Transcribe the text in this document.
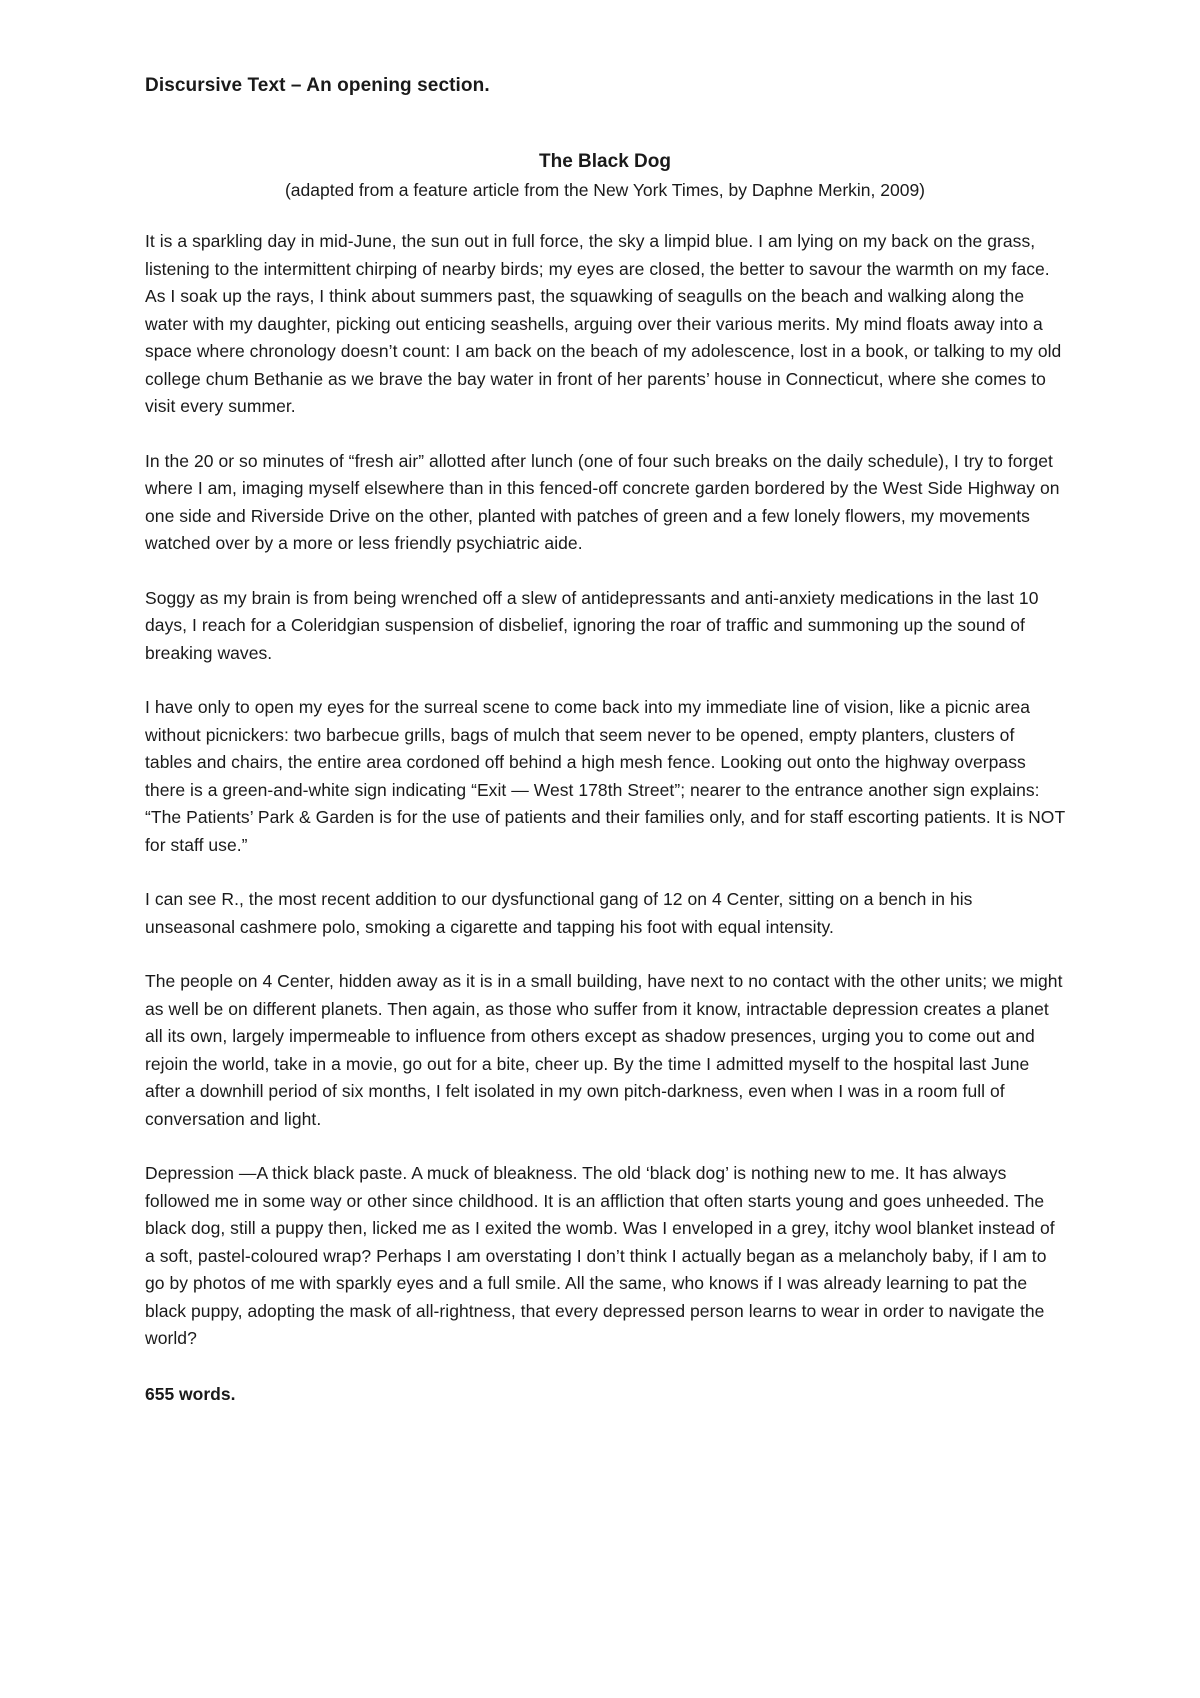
Discursive Text – An opening section.

The Black Dog

(adapted from a feature article from the New York Times, by Daphne Merkin, 2009)

It is a sparkling day in mid-June, the sun out in full force, the sky a limpid blue. I am lying on my back on the grass, listening to the intermittent chirping of nearby birds; my eyes are closed, the better to savour the warmth on my face. As I soak up the rays, I think about summers past, the squawking of seagulls on the beach and walking along the water with my daughter, picking out enticing seashells, arguing over their various merits. My mind floats away into a space where chronology doesn’t count: I am back on the beach of my adolescence, lost in a book, or talking to my old college chum Bethanie as we brave the bay water in front of her parents’ house in Connecticut, where she comes to visit every summer.

In the 20 or so minutes of “fresh air” allotted after lunch (one of four such breaks on the daily schedule), I try to forget where I am, imaging myself elsewhere than in this fenced-off concrete garden bordered by the West Side Highway on one side and Riverside Drive on the other, planted with patches of green and a few lonely flowers, my movements watched over by a more or less friendly psychiatric aide.

Soggy as my brain is from being wrenched off a slew of antidepressants and anti-anxiety medications in the last 10 days, I reach for a Coleridgian suspension of disbelief, ignoring the roar of traffic and summoning up the sound of breaking waves.

I have only to open my eyes for the surreal scene to come back into my immediate line of vision, like a picnic area without picnickers: two barbecue grills, bags of mulch that seem never to be opened, empty planters, clusters of tables and chairs, the entire area cordoned off behind a high mesh fence. Looking out onto the highway overpass there is a green-and-white sign indicating “Exit — West 178th Street”; nearer to the entrance another sign explains: “The Patients’ Park & Garden is for the use of patients and their families only, and for staff escorting patients. It is NOT for staff use.”

I can see R., the most recent addition to our dysfunctional gang of 12 on 4 Center, sitting on a bench in his unseasonal cashmere polo, smoking a cigarette and tapping his foot with equal intensity.

The people on 4 Center, hidden away as it is in a small building, have next to no contact with the other units; we might as well be on different planets. Then again, as those who suffer from it know, intractable depression creates a planet all its own, largely impermeable to influence from others except as shadow presences, urging you to come out and rejoin the world, take in a movie, go out for a bite, cheer up. By the time I admitted myself to the hospital last June after a downhill period of six months, I felt isolated in my own pitch-darkness, even when I was in a room full of conversation and light.

Depression —A thick black paste. A muck of bleakness. The old ‘black dog’ is nothing new to me. It has always followed me in some way or other since childhood. It is an affliction that often starts young and goes unheeded. The black dog, still a puppy then, licked me as I exited the womb. Was I enveloped in a grey, itchy wool blanket instead of a soft, pastel-coloured wrap? Perhaps I am overstating I don’t think I actually began as a melancholy baby, if I am to go by photos of me with sparkly eyes and a full smile. All the same, who knows if I was already learning to pat the black puppy, adopting the mask of all-rightness, that every depressed person learns to wear in order to navigate the world?

655 words.
